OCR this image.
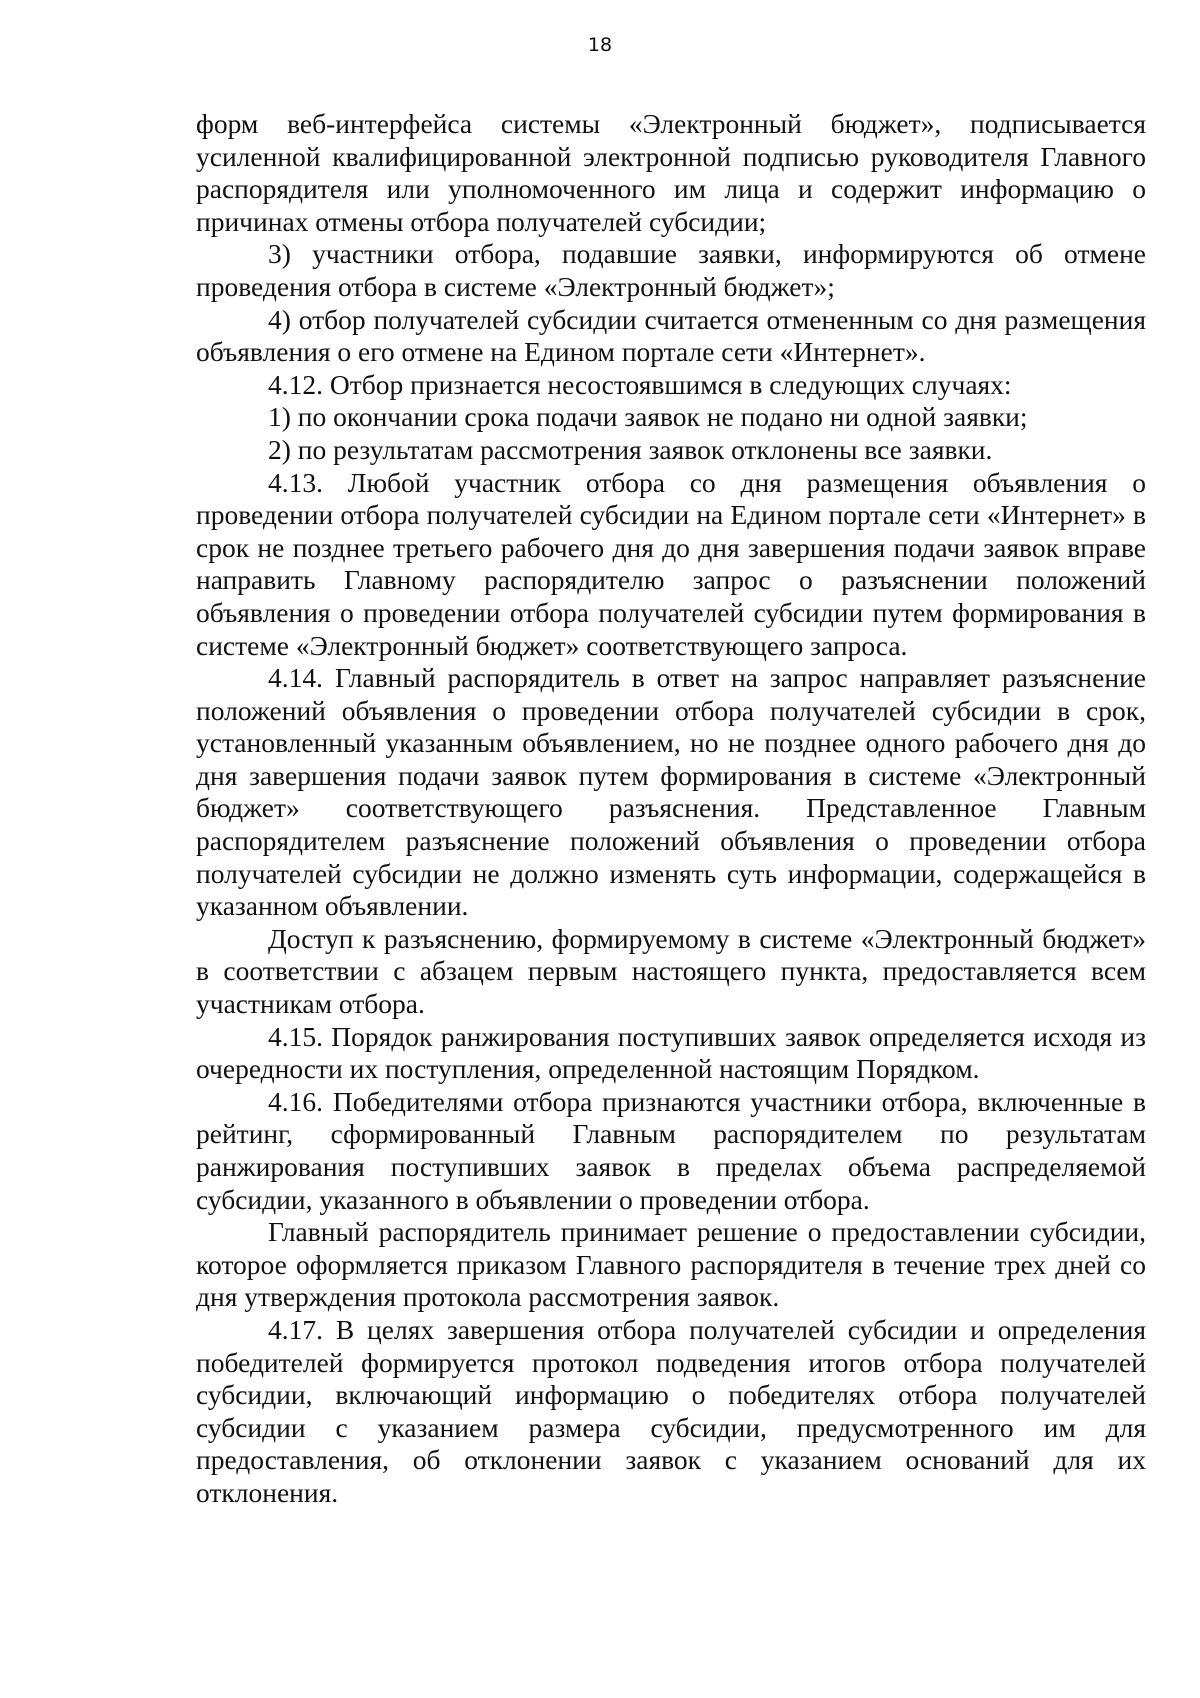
18

форм веб-интерфейса системы «Электронный бюджет», подписывается усиленной квалифицированной электронной подписью руководителя Главного распорядителя или уполномоченного им лица и содержит информацию о причинах отмены отбора получателей субсидии;

3) участники отбора, подавшие заявки, информируются об отмене проведения отбора в системе «Электронный бюджет»;

4) отбор получателей субсидии считается отмененным со дня размещения объявления о его отмене на Едином портале сети «Интернет».

4.12. Отбор признается несостоявшимся в следующих случаях:

1) по окончании срока подачи заявок не подано ни одной заявки;

2) по результатам рассмотрения заявок отклонены все заявки.

4.13. Любой участник отбора со дня размещения объявления о проведении отбора получателей субсидии на Едином портале сети «Интернет» в срок не позднее третьего рабочего дня до дня завершения подачи заявок вправе направить Главному распорядителю запрос о разъяснении положений объявления о проведении отбора получателей субсидии путем формирования в системе «Электронный бюджет» соответствующего запроса.

4.14. Главный распорядитель в ответ на запрос направляет разъяснение положений объявления о проведении отбора получателей субсидии в срок, установленный указанным объявлением, но не позднее одного рабочего дня до дня завершения подачи заявок путем формирования в системе «Электронный бюджет» соответствующего разъяснения. Представленное Главным распорядителем разъяснение положений объявления о проведении отбора получателей субсидии не должно изменять суть информации, содержащейся в указанном объявлении.

Доступ к разъяснению, формируемому в системе «Электронный бюджет» в соответствии с абзацем первым настоящего пункта, предоставляется всем участникам отбора.

4.15. Порядок ранжирования поступивших заявок определяется исходя из очередности их поступления, определенной настоящим Порядком.

4.16. Победителями отбора признаются участники отбора, включенные в рейтинг, сформированный Главным распорядителем по результатам ранжирования поступивших заявок в пределах объема распределяемой субсидии, указанного в объявлении о проведении отбора.

Главный распорядитель принимает решение о предоставлении субсидии, которое оформляется приказом Главного распорядителя в течение трех дней со дня утверждения протокола рассмотрения заявок.

4.17. В целях завершения отбора получателей субсидии и определения победителей формируется протокол подведения итогов отбора получателей субсидии, включающий информацию о победителях отбора получателей субсидии с указанием размера субсидии, предусмотренного им для предоставления, об отклонении заявок с указанием оснований для их отклонения.
